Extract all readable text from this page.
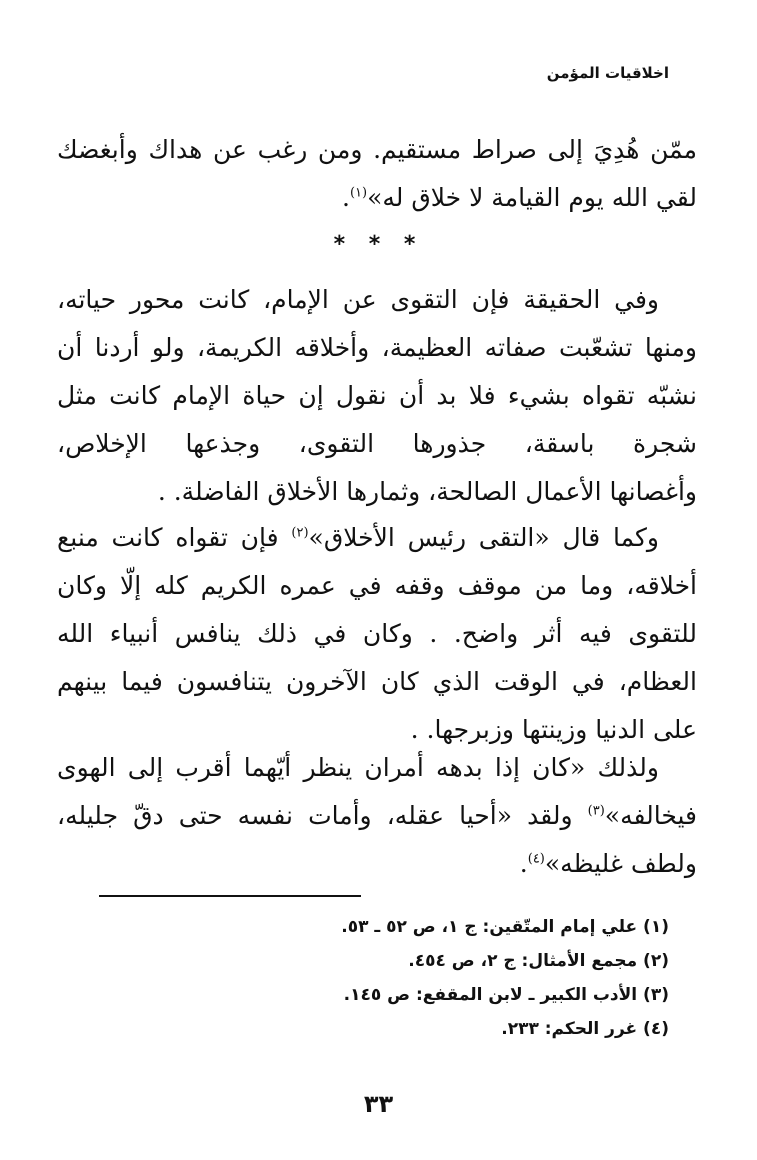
اخلاقيات المؤمن
ممّن هُدِيَ إلى صراط مستقيم. ومن رغب عن هداك وأبغضك
لقي الله يوم القيامة لا خلاق له»$^{(١)}$.
* * *
وفي الحقيقة فإن التقوى عن الإمام، كانت محور حياته،
ومنها تشعّبت صفاته العظيمة، وأخلاقه الكريمة، ولو أردنا أن
نشبّه تقواه بشيء فلا بد أن نقول إن حياة الإمام كانت مثل
شجرة باسقة، جذورها التقوى، وجذعها الإخلاص،
وأغصانها الأعمال الصالحة، وثمارها الأخلاق الفاضلة. .
وكما قال «التقى رئيس الأخلاق»$^{(٢)}$ فإن تقواه كانت منبع
أخلاقه، وما من موقف وقفه في عمره الكريم كله إلّا وكان
للتقوى فيه أثر واضح. . وكان في ذلك ينافس أنبياء الله
العظام، في الوقت الذي كان الآخرون يتنافسون فيما بينهم
على الدنيا وزينتها وزبرجها. .
ولذلك «كان إذا بدهه أمران ينظر أيّهما أقرب إلى الهوى
فيخالفه»$^{(٣)}$ ولقد «أحيا عقله، وأمات نفسه حتى دقّ جليله،
ولطف غليظه»$^{(٤)}$.
(١) علي إمام المتّقين: ج ١، ص ٥٢ ـ ٥٣.
(٢) مجمع الأمثال: ج ٢، ص ٤٥٤.
(٣) الأدب الكبير ـ لابن المقفع: ص ١٤٥.
(٤) غرر الحكم: ٢٣٣.
٣٣
